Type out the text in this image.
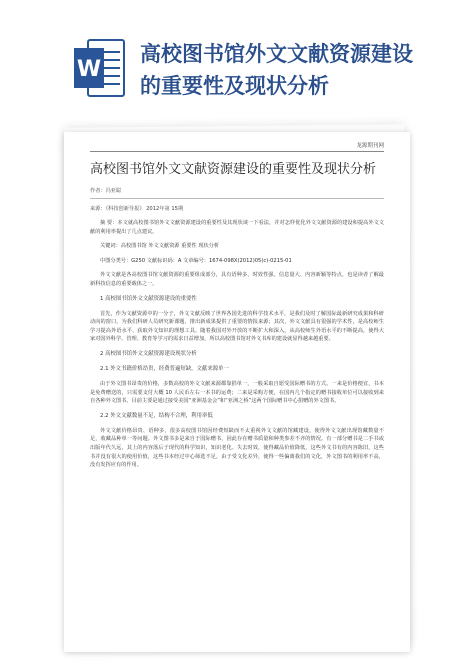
W
高校图书馆外文文献资源建设
的重要性及现状分析
龙源期刊网
高校图书馆外文文献资源建设的重要性及现状分析
作者：冯亚聪
来源：《科技创新导报》 2012年第 15期
摘 要：本文就高校图书馆外文文献资源建设的重要性及其现状谈一下看法，并对怎样优化外文文献资源的建设和提高外文文献的利用率提出了几点建议。
关键词：高校图书馆 外文文献资源 重要性 现状分析
中图分类号：G250 文献标识码：A 文章编号：1674-098X(2012)05(c)-0215-01
外文文献是各高校图书馆文献资源的重要组成部分，具有语种多、时效性强、信息量大、内容新颖等特点，也是读者了解最新科技信息的重要载体之一。
1 高校图书馆外文文献资源建设的重要性
首先，作为文献资源中的一分子，外文文献反映了世界各国先进的科学技术水平，是我们及时了解国际最新研究成果和科研动向的窗口，为我们科研人员研究新课题、推出新成果提供了重要的情报来源；其次，外文文献具有很强的学术性，是高校师生学习提高外语水平、获取外文知识的理想工具。随着我国对外开放的不断扩大和深入，从高校师生外语水平的不断提高，使得大家对国外科学、管理、教育等学习的需求日益增加，所以高校图书馆对外文书库的建设就显得越来越重要。
2 高校图书馆外文文献资源建设现状分析
2.1 外文书籍价格昂贵，经费普遍短缺，文献来源单一
由于外文图书昂贵的价格，多数高校的外文文献来源都靠捐单一，一般采取自愿受国际赠书的方式。一来是价格便宜，书本是免费赠送的，只需要支付大概 10 人民币左右一本书的运费；二来是采购方便，在国内几个指定的赠书接收单位可以接收到来自各种外文图书。目前主要是通过接受美国“亚洲基金会”和“亚洲之桥”这两个国际赠书中心捐赠的外文图书。
2.2 外文文献数量不足，结构不合理，利用率低
外文文献价格昂贵、语种多，很多高校图书馆因经费短缺而不太重视外文文献的馆藏建设，使得外文文献出现馆藏数量不足，收藏品种单一等问题。外文图书多是来自于国际赠书，因此存在赠书质量和种类参差不齐的情况。有一部分赠书是二手书或出版年代久远，其上的内容落后于现代的科学知识、知识老化、失去时效，使得藏品价值降低，这些外文书有的内容陈旧，这些书并没有很大的使用价值，这些书本经过中心筛选不足，由于受文化差异，使得一些偏离我们的文化，外文图书的利用率不高，没有发挥应有的作用。
